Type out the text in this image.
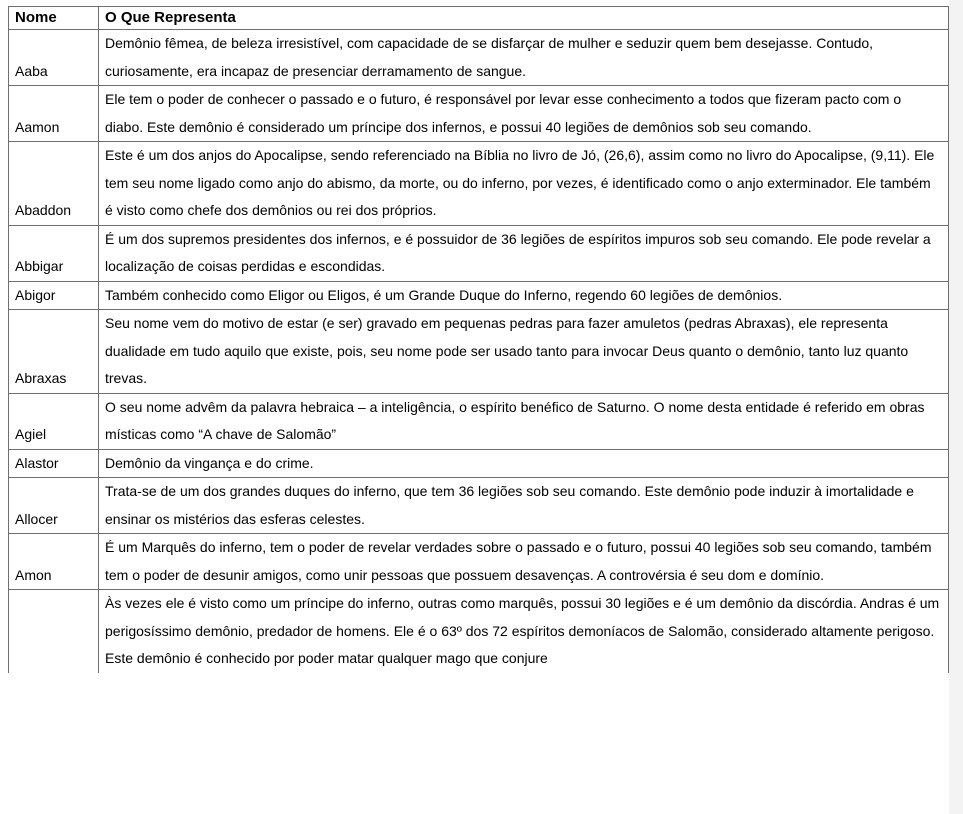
Nome	O Que Representa
Aaba	Demônio fêmea, de beleza irresistível, com capacidade de se disfarçar de mulher e seduzir quem bem desejasse. Contudo, curiosamente, era incapaz de presenciar derramamento de sangue.
Aamon	Ele tem o poder de conhecer o passado e o futuro, é responsável por levar esse conhecimento a todos que fizeram pacto com o diabo. Este demônio é considerado um príncipe dos infernos, e possui 40 legiões de demônios sob seu comando.
Abaddon	Este é um dos anjos do Apocalipse, sendo referenciado na Bíblia no livro de Jó, (26,6), assim como no livro do Apocalipse, (9,11). Ele tem seu nome ligado como anjo do abismo, da morte, ou do inferno, por vezes, é identificado como o anjo exterminador. Ele também é visto como chefe dos demônios ou rei dos próprios.
Abbigar	É um dos supremos presidentes dos infernos, e é possuidor de 36 legiões de espíritos impuros sob seu comando. Ele pode revelar a localização de coisas perdidas e escondidas.
Abigor	Também conhecido como Eligor ou Eligos, é um Grande Duque do Inferno, regendo 60 legiões de demônios.
Abraxas	Seu nome vem do motivo de estar (e ser) gravado em pequenas pedras para fazer amuletos (pedras Abraxas), ele representa dualidade em tudo aquilo que existe, pois, seu nome pode ser usado tanto para invocar Deus quanto o demônio, tanto luz quanto trevas.
Agiel	O seu nome advêm da palavra hebraica – a inteligência, o espírito benéfico de Saturno. O nome desta entidade é referido em obras místicas como “A chave de Salomão”
Alastor	Demônio da vingança e do crime.
Allocer	Trata-se de um dos grandes duques do inferno, que tem 36 legiões sob seu comando. Este demônio pode induzir à imortalidade e ensinar os mistérios das esferas celestes.
Amon	É um Marquês do inferno, tem o poder de revelar verdades sobre o passado e o futuro, possui 40 legiões sob seu comando, também tem o poder de desunir amigos, como unir pessoas que possuem desavenças. A controvérsia é seu dom e domínio.
	Às vezes ele é visto como um príncipe do inferno, outras como marquês, possui 30 legiões e é um demônio da discórdia. Andras é um perigosíssimo demônio, predador de homens. Ele é o 63º dos 72 espíritos demoníacos de Salomão, considerado altamente perigoso. Este demônio é conhecido por poder matar qualquer mago que conjure
